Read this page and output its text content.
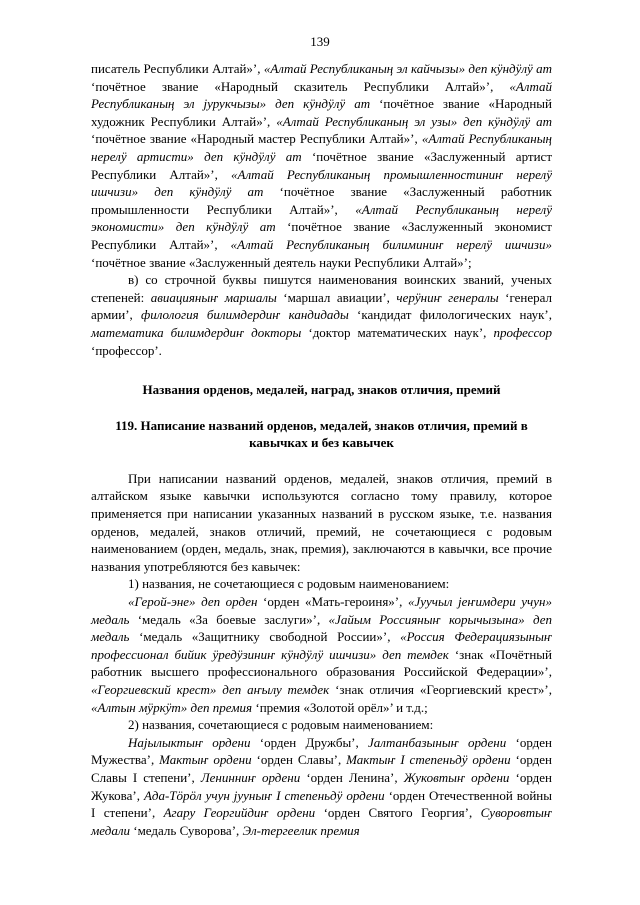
139

писатель Республики Алтай»’, «Алтай Республиканың эл кайчызы» деп кӱндӱлӱ ат ‘почётное звание «Народный сказитель Республики Алтай»’, «Алтай Республиканың эл јурукчызы» деп кӱндӱлӱ ат ‘почётное звание «Народный художник Республики Алтай»’, «Алтай Республиканың эл узы» деп кӱндӱлӱ ат ‘почётное звание «Народный мастер Республики Алтай»’, «Алтай Республиканың нерелӱ артисти» деп кӱндӱлӱ ат ‘почётное звание «Заслуженный артист Республики Алтай»’, «Алтай Республиканың промышленностиниҥ нерелӱ ишчизи» деп кӱндӱлӱ ат ‘почётное звание «Заслуженный работник промышленности Республики Алтай»’, «Алтай Республиканың нерелӱ экономисти» деп кӱндӱлӱ ат ‘почётное звание «Заслуженный экономист Республики Алтай»’, «Алтай Республиканың билиминиҥ нерелӱ ишчизи» ‘почётное звание «Заслуженный деятель науки Республики Алтай»’;

в) со строчной буквы пишутся наименования воинских званий, ученых степеней: авиацияныҥ маршалы ‘маршал авиации’, черӱниҥ генералы ‘генерал армии’, филология билимдердиҥ кандидады ‘кандидат филологических наук’, математика билимдердиҥ докторы ‘доктор математических наук’, профессор ‘профессор’.

Названия орденов, медалей, наград, знаков отличия, премий

119. Написание названий орденов, медалей, знаков отличия, премий в кавычках и без кавычек

При написании названий орденов, медалей, знаков отличия, премий в алтайском языке кавычки используются согласно тому правилу, которое применяется при написании указанных названий в русском языке, т.е. названия орденов, медалей, знаков отличий, премий, не сочетающиеся с родовым наименованием (орден, медаль, знак, премия), заключаются в кавычки, все прочие названия употребляются без кавычек:

1) названия, не сочетающиеся с родовым наименованием:

«Герой-эне» деп орден ‘орден «Мать-героиня»’, «Јуучыл јеҥимдери учун» медаль ‘медаль «За боевые заслуги»’, «Јайым Россияныҥ корычызына» деп медаль ‘медаль «Защитнику свободной России»’, «Россия Федерациязыныҥ профессионал бийик ӱредӱзиниҥ кӱндӱлӱ ишчизи» деп темдек ‘знак «Почётный работник высшего профессионального образования Российской Федерации»’, «Георгиевский крест» деп аҥылу темдек ‘знак отличия «Георгиевский крест»’, «Алтын мӱркӱт» деп премия ‘премия «Золотой орёл»’ и т.д.;

2) названия, сочетающиеся с родовым наименованием:

Најылыктыҥ ордени ‘орден Дружбы’, Јалтанбазыныҥ ордени ‘орден Мужества’, Мактыҥ ордени ‘орден Славы’, Мактыҥ I степеньдӱ ордени ‘орден Славы I степени’, Ленинниҥ ордени ‘орден Ленина’, Жуковтыҥ ордени ‘орден Жукова’, Ада-Тӧрӧл учун јууныҥ I степеньдӱ ордени ‘орден Отечественной войны I степени’, Агару Георгийдиҥ ордени ‘орден Святого Георгия’, Суворовтыҥ медали ‘медаль Суворова’, Эл-тергеелик премия
